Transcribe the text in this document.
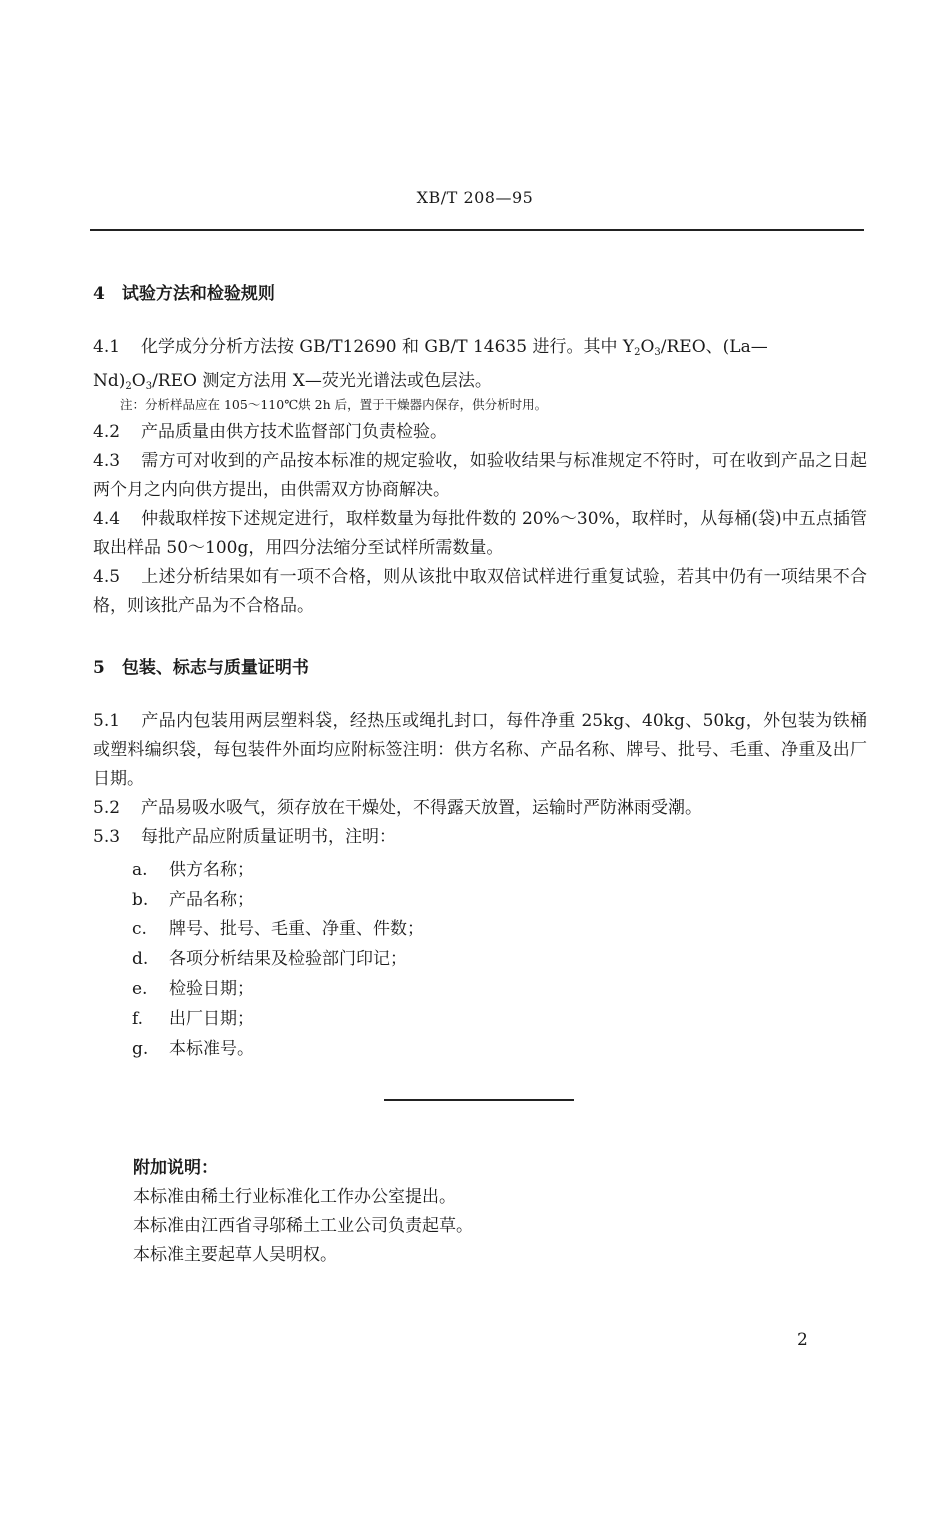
XB/T 208—95
4　试验方法和检验规则
4.1 化学成分分析方法按 GB/T12690 和 GB/T 14635 进行。其中 $Y_2O_3$/REO、(La—
$Nd)_2O_3$/REO 测定方法用 X—荧光光谱法或色层法。
注：分析样品应在 105～110℃烘 2h 后，置于干燥器内保存，供分析时用。
4.2 产品质量由供方技术监督部门负责检验。
4.3 需方可对收到的产品按本标准的规定验收，如验收结果与标准规定不符时，可在收到产品之日起两个月之内向供方提出，由供需双方协商解决。
4.4 仲裁取样按下述规定进行，取样数量为每批件数的 20%～30%，取样时，从每桶(袋)中五点插管取出样品 50～100g，用四分法缩分至试样所需数量。
4.5 上述分析结果如有一项不合格，则从该批中取双倍试样进行重复试验，若其中仍有一项结果不合格，则该批产品为不合格品。
5　包装、标志与质量证明书
5.1 产品内包装用两层塑料袋，经热压或绳扎封口，每件净重 25kg、40kg、50kg，外包装为铁桶或塑料编织袋，每包装件外面均应附标签注明：供方名称、产品名称、牌号、批号、毛重、净重及出厂日期。
5.2 产品易吸水吸气，须存放在干燥处，不得露天放置，运输时严防淋雨受潮。
5.3 每批产品应附质量证明书，注明：
a. 供方名称；
b. 产品名称；
c. 牌号、批号、毛重、净重、件数；
d. 各项分析结果及检验部门印记；
e. 检验日期；
f. 出厂日期；
g. 本标准号。
附加说明：
本标准由稀土行业标准化工作办公室提出。
本标准由江西省寻邬稀土工业公司负责起草。
本标准主要起草人吴明权。
2
